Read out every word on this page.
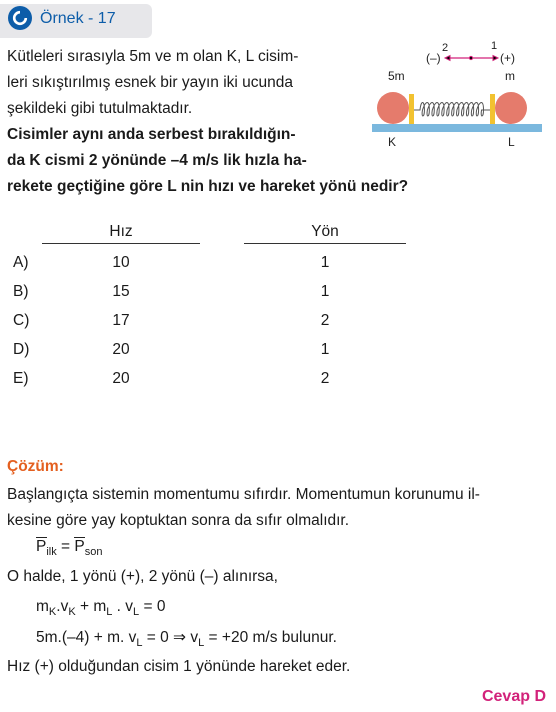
Örnek - 17
Kütleleri sırasıyla 5m ve m olan K, L cisim-
leri sıkıştırılmış esnek bir yayın iki ucunda
şekildeki gibi tutulmaktadır.
Cisimler aynı anda serbest bırakıldığın-
da K cismi 2 yönünde –4 m/s lik hızla ha-
rekete geçtiğine göre L nin hızı ve hareket yönü nedir?
(–)
2	1
(+)
5m	m
K	L
Hız	Yön
A)	10	1
B)	15	1
C)	17	2
D)	20	1
E)	20	2
Çözüm:
Başlangıçta sistemin momentumu sıfırdır. Momentumun korunumu il-
kesine göre yay koptuktan sonra da sıfır olmalıdır.
$P_{ilk} = P_{son}$
O halde, 1 yönü (+), 2 yönü (–) alınırsa,
$m_K.v_K + m_L$ . $v_L = 0$
5m.(–4) + m. $v_L = 0$ ⇒ $v_L = +20$ m/s bulunur.
Hız (+) olduğundan cisim 1 yönünde hareket eder.
Cevap D
